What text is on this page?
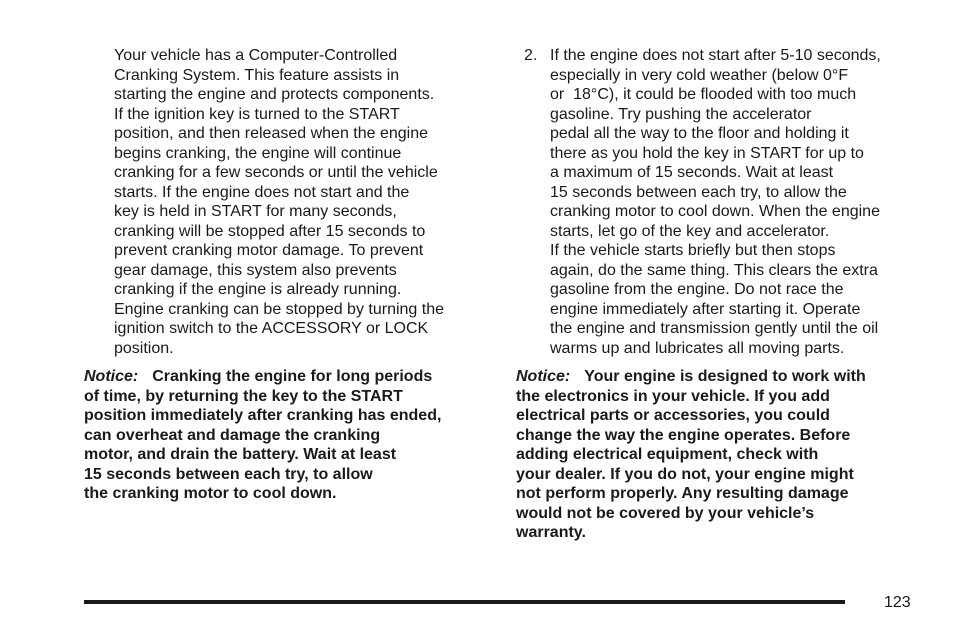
Your vehicle has a Computer-Controlled
Cranking System. This feature assists in
starting the engine and protects components.
If the ignition key is turned to the START
position, and then released when the engine
begins cranking, the engine will continue
cranking for a few seconds or until the vehicle
starts. If the engine does not start and the
key is held in START for many seconds,
cranking will be stopped after 15 seconds to
prevent cranking motor damage. To prevent
gear damage, this system also prevents
cranking if the engine is already running.
Engine cranking can be stopped by turning the
ignition switch to the ACCESSORY or LOCK
position.
Notice: Cranking the engine for long periods
of time, by returning the key to the START
position immediately after cranking has ended,
can overheat and damage the cranking
motor, and drain the battery. Wait at least
15 seconds between each try, to allow
the cranking motor to cool down.
2. If the engine does not start after 5-10 seconds,
especially in very cold weather (below 0°F
or  18°C), it could be flooded with too much
gasoline. Try pushing the accelerator
pedal all the way to the floor and holding it
there as you hold the key in START for up to
a maximum of 15 seconds. Wait at least
15 seconds between each try, to allow the
cranking motor to cool down. When the engine
starts, let go of the key and accelerator.
If the vehicle starts briefly but then stops
again, do the same thing. This clears the extra
gasoline from the engine. Do not race the
engine immediately after starting it. Operate
the engine and transmission gently until the oil
warms up and lubricates all moving parts.
Notice: Your engine is designed to work with
the electronics in your vehicle. If you add
electrical parts or accessories, you could
change the way the engine operates. Before
adding electrical equipment, check with
your dealer. If you do not, your engine might
not perform properly. Any resulting damage
would not be covered by your vehicle’s
warranty.
123
